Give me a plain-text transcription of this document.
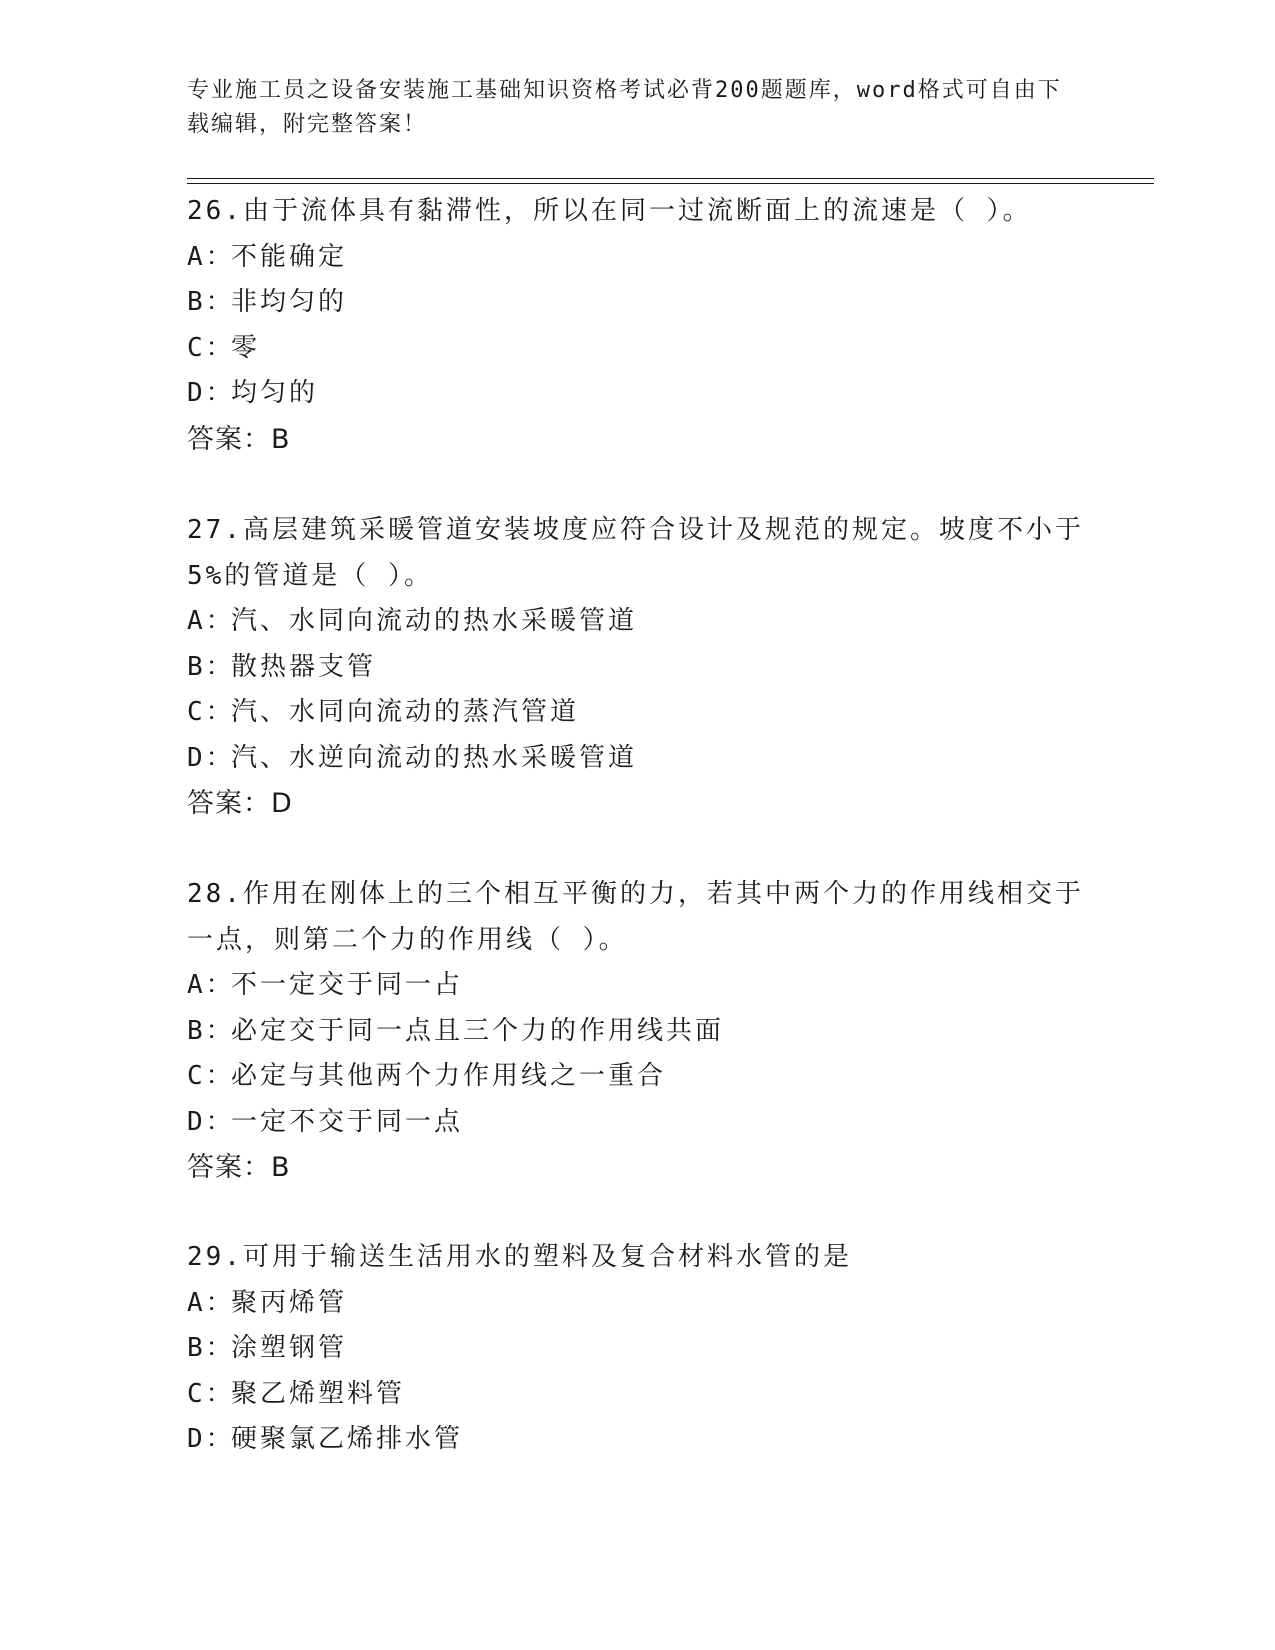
专业施工员之设备安装施工基础知识资格考试必背200题题库，word格式可自由下载编辑，附完整答案！
26.由于流体具有黏滞性，所以在同一过流断面上的流速是（ ）。
A：不能确定
B：非均匀的
C：零
D：均匀的
答案：B
27.高层建筑采暖管道安装坡度应符合设计及规范的规定。坡度不小于5%的管道是（ ）。
A：汽、水同向流动的热水采暖管道
B：散热器支管
C：汽、水同向流动的蒸汽管道
D：汽、水逆向流动的热水采暖管道
答案：D
28.作用在刚体上的三个相互平衡的力，若其中两个力的作用线相交于一点，则第二个力的作用线（ ）。
A：不一定交于同一占
B：必定交于同一点且三个力的作用线共面
C：必定与其他两个力作用线之一重合
D：一定不交于同一点
答案：B
29.可用于输送生活用水的塑料及复合材料水管的是
A：聚丙烯管
B：涂塑钢管
C：聚乙烯塑料管
D：硬聚氯乙烯排水管
